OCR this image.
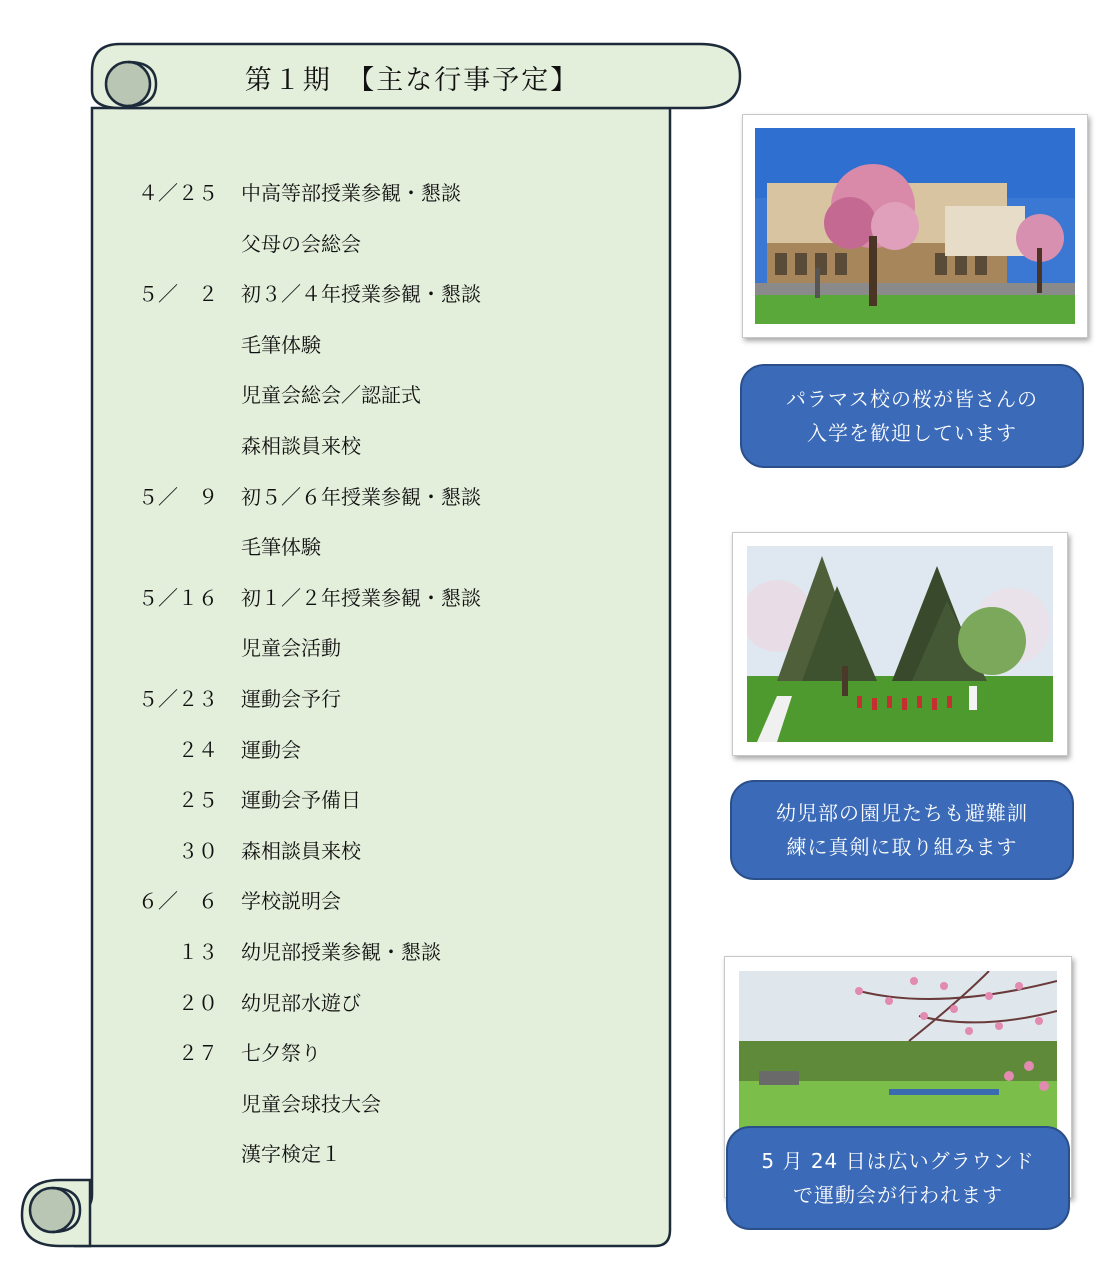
第１期　【主な行事予定】
４／２５ 中高等部授業参観・懇談
父母の会総会
５／　２ 初３／４年授業参観・懇談
毛筆体験
児童会総会／認証式
森相談員来校
５／　９ 初５／６年授業参観・懇談
毛筆体験
５／１６ 初１／２年授業参観・懇談
児童会活動
５／２３ 運動会予行
２４ 運動会
２５ 運動会予備日
３０ 森相談員来校
６／　６ 学校説明会
１３ 幼児部授業参観・懇談
２０ 幼児部水遊び
２７ 七夕祭り
児童会球技大会
漢字検定１
パラマス校の桜が皆さんの
入学を歓迎しています
幼児部の園児たちも避難訓
練に真剣に取り組みます
5 月 24 日は広いグラウンド
で運動会が行われます
